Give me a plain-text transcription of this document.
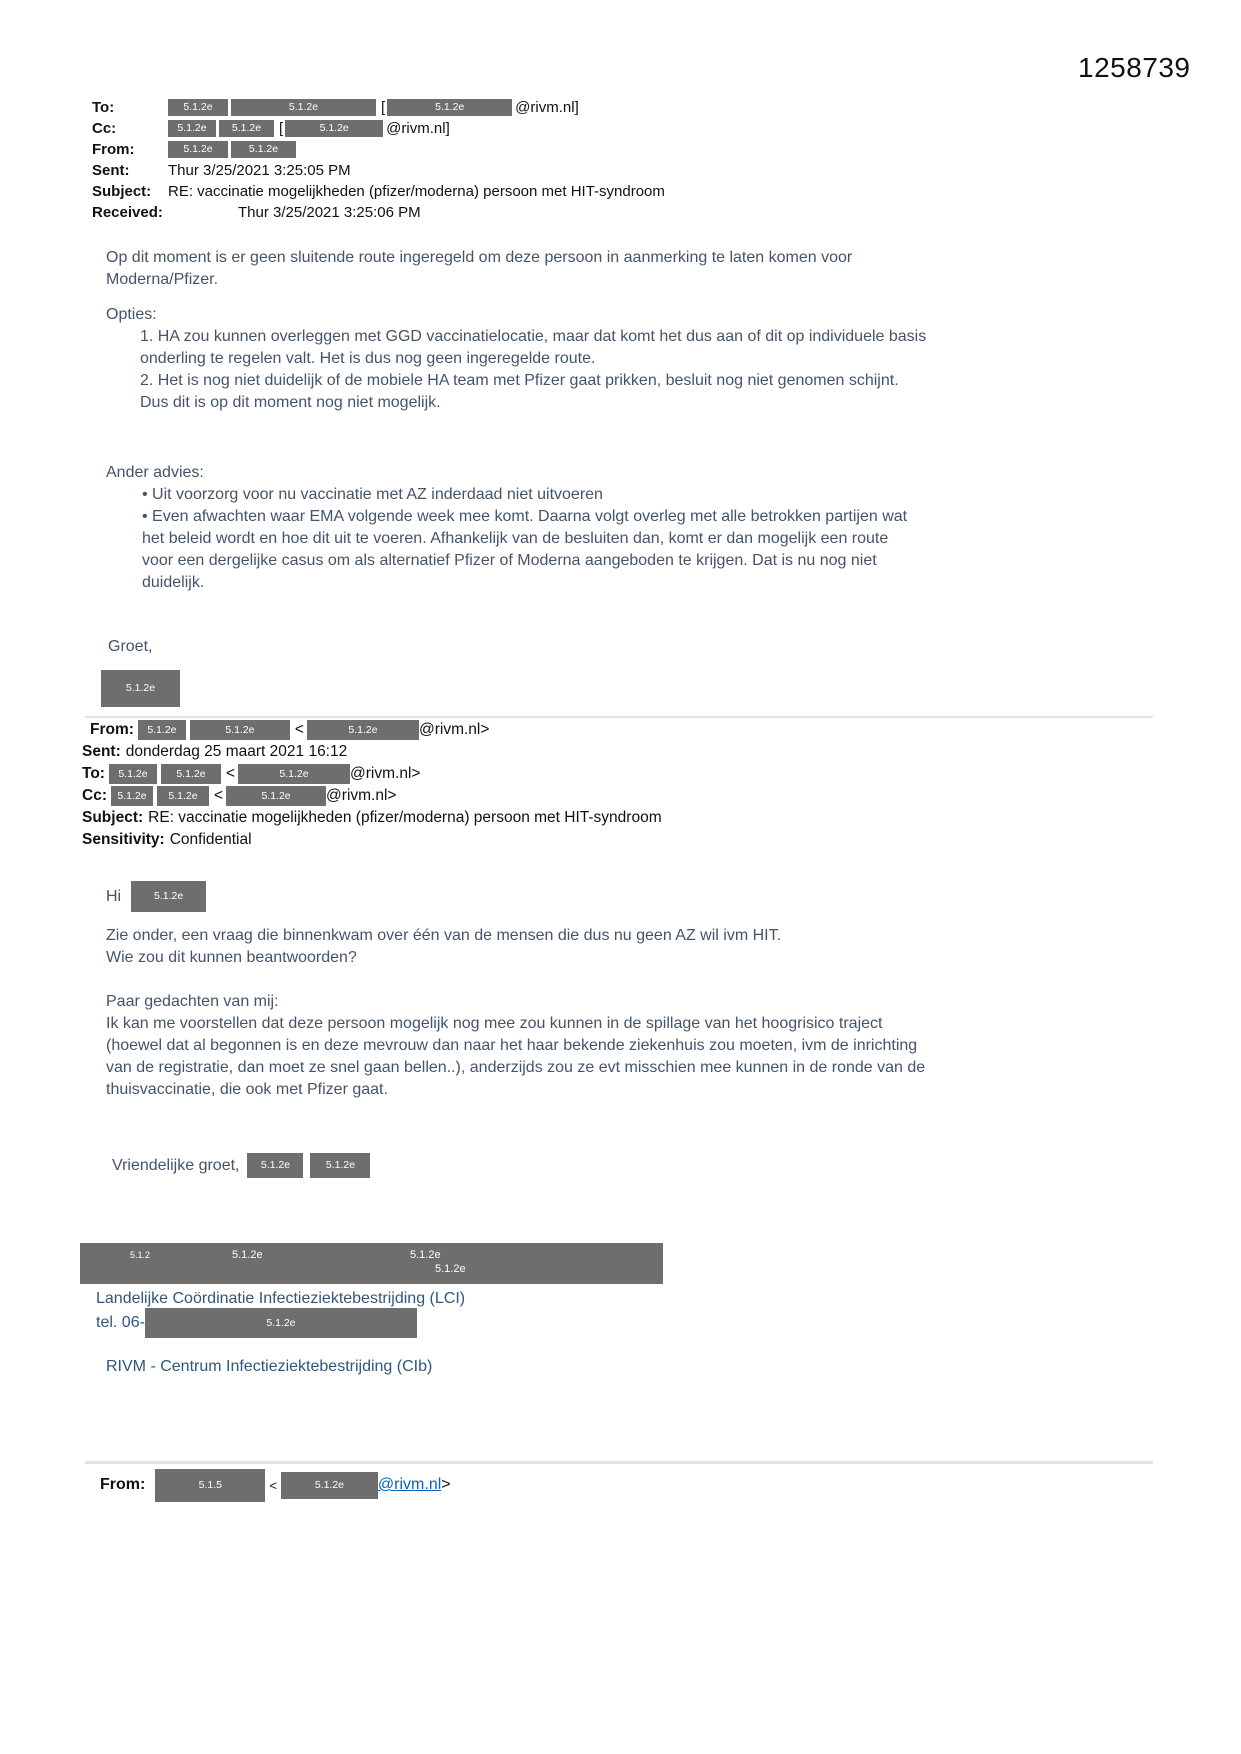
1258739
To:	5.1.2e	5.1.2e	[	5.1.2e	@rivm.nl]
Cc:	5.1.2e	5.1.2e	[	5.1.2e	@rivm.nl]
From:	5.1.2e	5.1.2e
Sent:	Thur 3/25/2021 3:25:05 PM
Subject:	RE: vaccinatie mogelijkheden (pfizer/moderna) persoon met HIT-syndroom
Received:	Thur 3/25/2021 3:25:06 PM
Op dit moment is er geen sluitende route ingeregeld om deze persoon in aanmerking te laten komen voor
Moderna/Pfizer.
Opties:
1. HA zou kunnen overleggen met GGD vaccinatielocatie, maar dat komt het dus aan of dit op individuele basis
onderling te regelen valt. Het is dus nog geen ingeregelde route.
2. Het is nog niet duidelijk of de mobiele HA team met Pfizer gaat prikken, besluit nog niet genomen schijnt.
Dus dit is op dit moment nog niet mogelijk.
Ander advies:
• Uit voorzorg voor nu vaccinatie met AZ inderdaad niet uitvoeren
• Even afwachten waar EMA volgende week mee komt. Daarna volgt overleg met alle betrokken partijen wat
het beleid wordt en hoe dit uit te voeren. Afhankelijk van de besluiten dan, komt er dan mogelijk een route
voor een dergelijke casus om als alternatief Pfizer of Moderna aangeboden te krijgen. Dat is nu nog niet
duidelijk.
Groet,
5.1.2e
From:	5.1.2e	5.1.2e	<	5.1.2e	@rivm.nl>
Sent: donderdag 25 maart 2021 16:12
To:	5.1.2e	5.1.2e	<	5.1.2e	@rivm.nl>
Cc: 5.1.2e	5.1.2e	<	5.1.2e	@rivm.nl>
Subject: RE: vaccinatie mogelijkheden (pfizer/moderna) persoon met HIT-syndroom
Sensitivity: Confidential
Hi	5.1.2e
Zie onder, een vraag die binnenkwam over één van de mensen die dus nu geen AZ wil ivm HIT.
Wie zou dit kunnen beantwoorden?
Paar gedachten van mij:
Ik kan me voorstellen dat deze persoon mogelijk nog mee zou kunnen in de spillage van het hoogrisico traject
(hoewel dat al begonnen is en deze mevrouw dan naar het haar bekende ziekenhuis zou moeten, ivm de inrichting
van de registratie, dan moet ze snel gaan bellen..), anderzijds zou ze evt misschien mee kunnen in de ronde van de
thuisvaccinatie, die ook met Pfizer gaat.
Vriendelijke groet,	5.1.2e	5.1.2e
5.1.2	5.1.2e	5.1.2e
5.1.2e
Landelijke Coördinatie Infectieziektebestrijding (LCI)
tel. 06-	5.1.2e
RIVM - Centrum Infectieziektebestrijding (CIb)
From:	5.1.5	<	5.1.2e	@rivm.nl >
